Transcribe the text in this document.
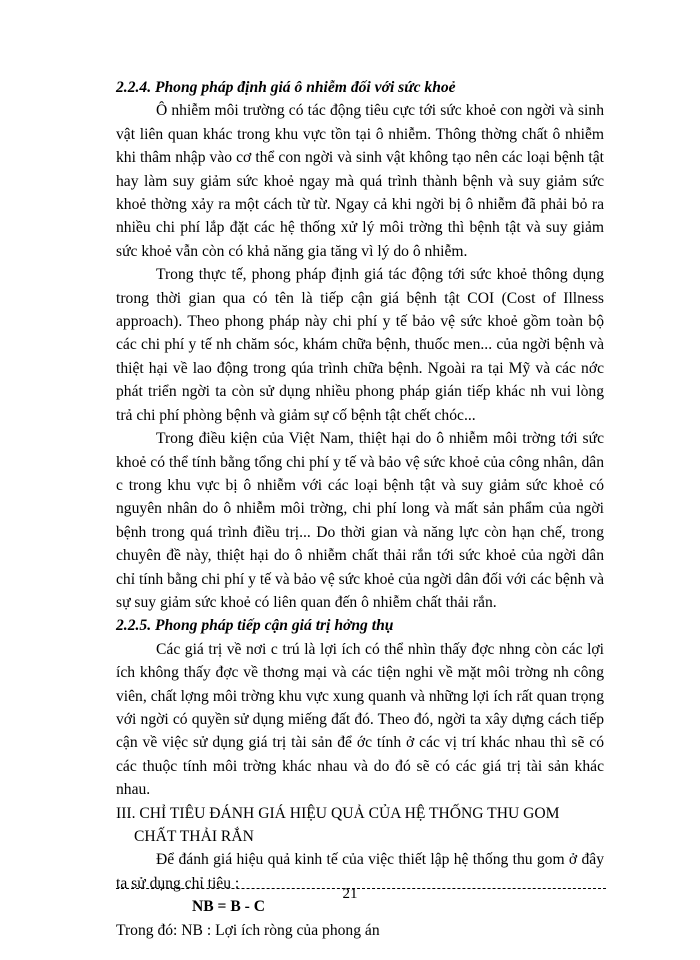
2.2.4. Phong pháp định giá ô nhiễm đối với sức khoẻ

Ô nhiễm môi trường có tác động tiêu cực tới sức khoẻ con ngời và sinh vật liên quan khác trong khu vực tồn tại ô nhiễm. Thông thờng chất ô nhiễm khi thâm nhập vào cơ thể con ngời và sinh vật không tạo nên các loại bệnh tật hay làm suy giảm sức khoẻ ngay mà quá trình thành bệnh và suy giảm sức khoẻ thờng xảy ra một cách từ từ. Ngay cả khi ngời bị ô nhiễm đã phải bỏ ra nhiều chi phí lắp đặt các hệ thống xử lý môi trờng thì bệnh tật và suy giảm sức khoẻ vẫn còn có khả năng gia tăng vì lý do ô nhiễm.

Trong thực tế, phong pháp định giá tác động tới sức khoẻ thông dụng trong thời gian qua có tên là tiếp cận giá bệnh tật COI (Cost of Illness approach). Theo phong pháp này chi phí y tế bảo vệ sức khoẻ gồm toàn bộ các chi phí y tế nh chăm sóc, khám chữa bệnh, thuốc men... của ngời bệnh và thiệt hại về lao động trong qúa trình chữa bệnh. Ngoài ra tại Mỹ và các nớc phát triển ngời ta còn sử dụng nhiều phong pháp gián tiếp khác nh vui lòng trả chi phí phòng bệnh và giảm sự cố bệnh tật chết chóc...

Trong điều kiện của Việt Nam, thiệt hại do ô nhiễm môi trờng tới sức khoẻ có thể tính bằng tổng chi phí y tế và bảo vệ sức khoẻ của công nhân, dân c trong khu vực bị ô nhiễm với các loại bệnh tật và suy giảm sức khoẻ có nguyên nhân do ô nhiễm môi trờng, chi phí long và mất sản phẩm của ngời bệnh trong quá trình điều trị... Do thời gian và năng lực còn hạn chế, trong chuyên đề này, thiệt hại do ô nhiễm chất thải rắn tới sức khoẻ của ngời dân chỉ tính bằng chi phí y tế và bảo vệ sức khoẻ của ngời dân đối với các bệnh và sự suy giảm sức khoẻ có liên quan đến ô nhiễm chất thải rắn.

2.2.5. Phong pháp tiếp cận giá trị hởng thụ

Các giá trị về nơi c trú là lợi ích có thể nhìn thấy đợc nhng còn các lợi ích không thấy đợc về thơng mại và các tiện nghi về mặt môi trờng nh công viên, chất lợng môi trờng khu vực xung quanh và những lợi ích rất quan trọng với ngời có quyền sử dụng miếng đất đó. Theo đó, ngời ta xây dựng cách tiếp cận về việc sử dụng giá trị tài sản để ớc tính ở các vị trí khác nhau thì sẽ có các thuộc tính môi trờng khác nhau và do đó sẽ có các giá trị tài sản khác nhau.

III. CHỈ TIÊU ĐÁNH GIÁ HIỆU QUẢ CỦA HỆ THỐNG THU GOM
CHẤT THẢI RẮN

Để đánh giá hiệu quả kinh tế của việc thiết lập hệ thống thu gom ở đây ta sử dụng chỉ tiêu :

NB = B - C
Trong đó: NB : Lợi ích ròng của phong án
21
